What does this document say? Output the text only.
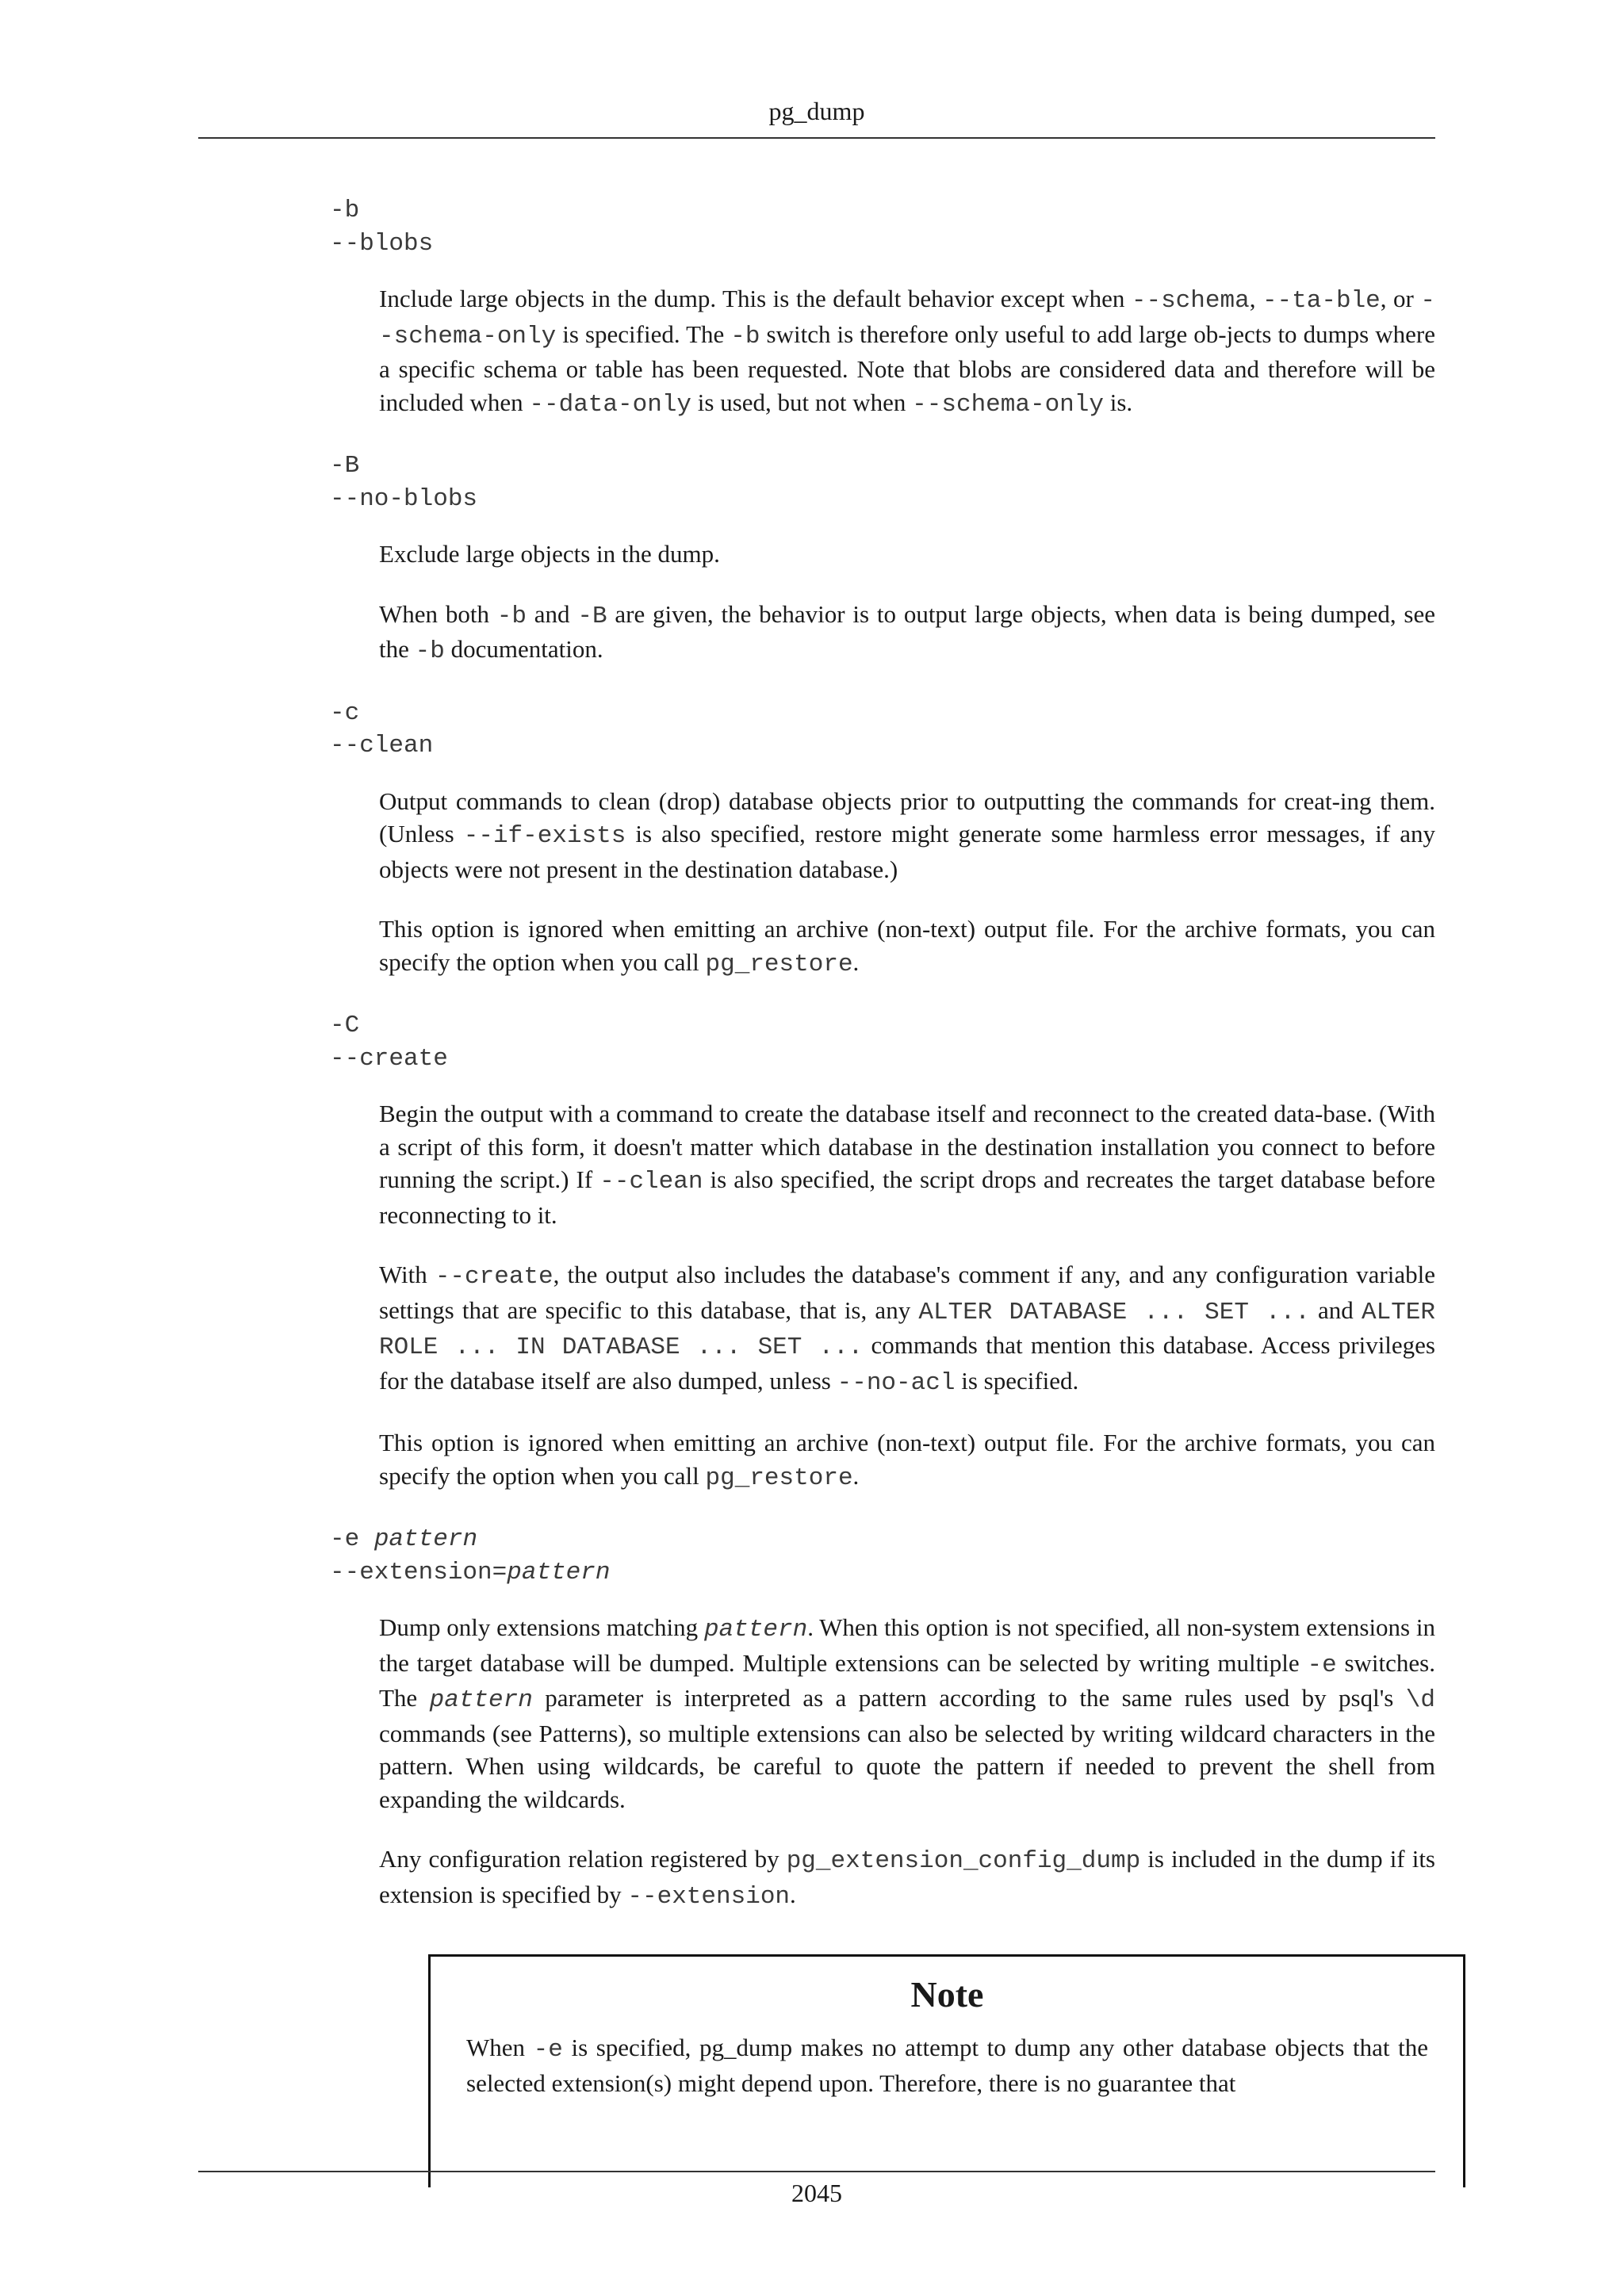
pg_dump
-b
--blobs

Include large objects in the dump. This is the default behavior except when --schema, --ta-ble, or --schema-only is specified. The -b switch is therefore only useful to add large ob-jects to dumps where a specific schema or table has been requested. Note that blobs are considered data and therefore will be included when --data-only is used, but not when --schema-only is.

-B
--no-blobs

Exclude large objects in the dump.

When both -b and -B are given, the behavior is to output large objects, when data is being dumped, see the -b documentation.

-c
--clean

Output commands to clean (drop) database objects prior to outputting the commands for creat-ing them. (Unless --if-exists is also specified, restore might generate some harmless error messages, if any objects were not present in the destination database.)

This option is ignored when emitting an archive (non-text) output file. For the archive formats, you can specify the option when you call pg_restore.

-C
--create

Begin the output with a command to create the database itself and reconnect to the created data-base. (With a script of this form, it doesn't matter which database in the destination installation you connect to before running the script.) If --clean is also specified, the script drops and recreates the target database before reconnecting to it.

With --create, the output also includes the database's comment if any, and any configuration variable settings that are specific to this database, that is, any ALTER DATABASE ... SET ... and ALTER ROLE ... IN DATABASE ... SET ... commands that mention this database. Access privileges for the database itself are also dumped, unless --no-acl is specified.

This option is ignored when emitting an archive (non-text) output file. For the archive formats, you can specify the option when you call pg_restore.

-e pattern
--extension=pattern

Dump only extensions matching pattern. When this option is not specified, all non-system extensions in the target database will be dumped. Multiple extensions can be selected by writing multiple -e switches. The pattern parameter is interpreted as a pattern according to the same rules used by psql's \d commands (see Patterns), so multiple extensions can also be selected by writing wildcard characters in the pattern. When using wildcards, be careful to quote the pattern if needed to prevent the shell from expanding the wildcards.

Any configuration relation registered by pg_extension_config_dump is included in the dump if its extension is specified by --extension.

Note

When -e is specified, pg_dump makes no attempt to dump any other database objects that the selected extension(s) might depend upon. Therefore, there is no guarantee that

2045
